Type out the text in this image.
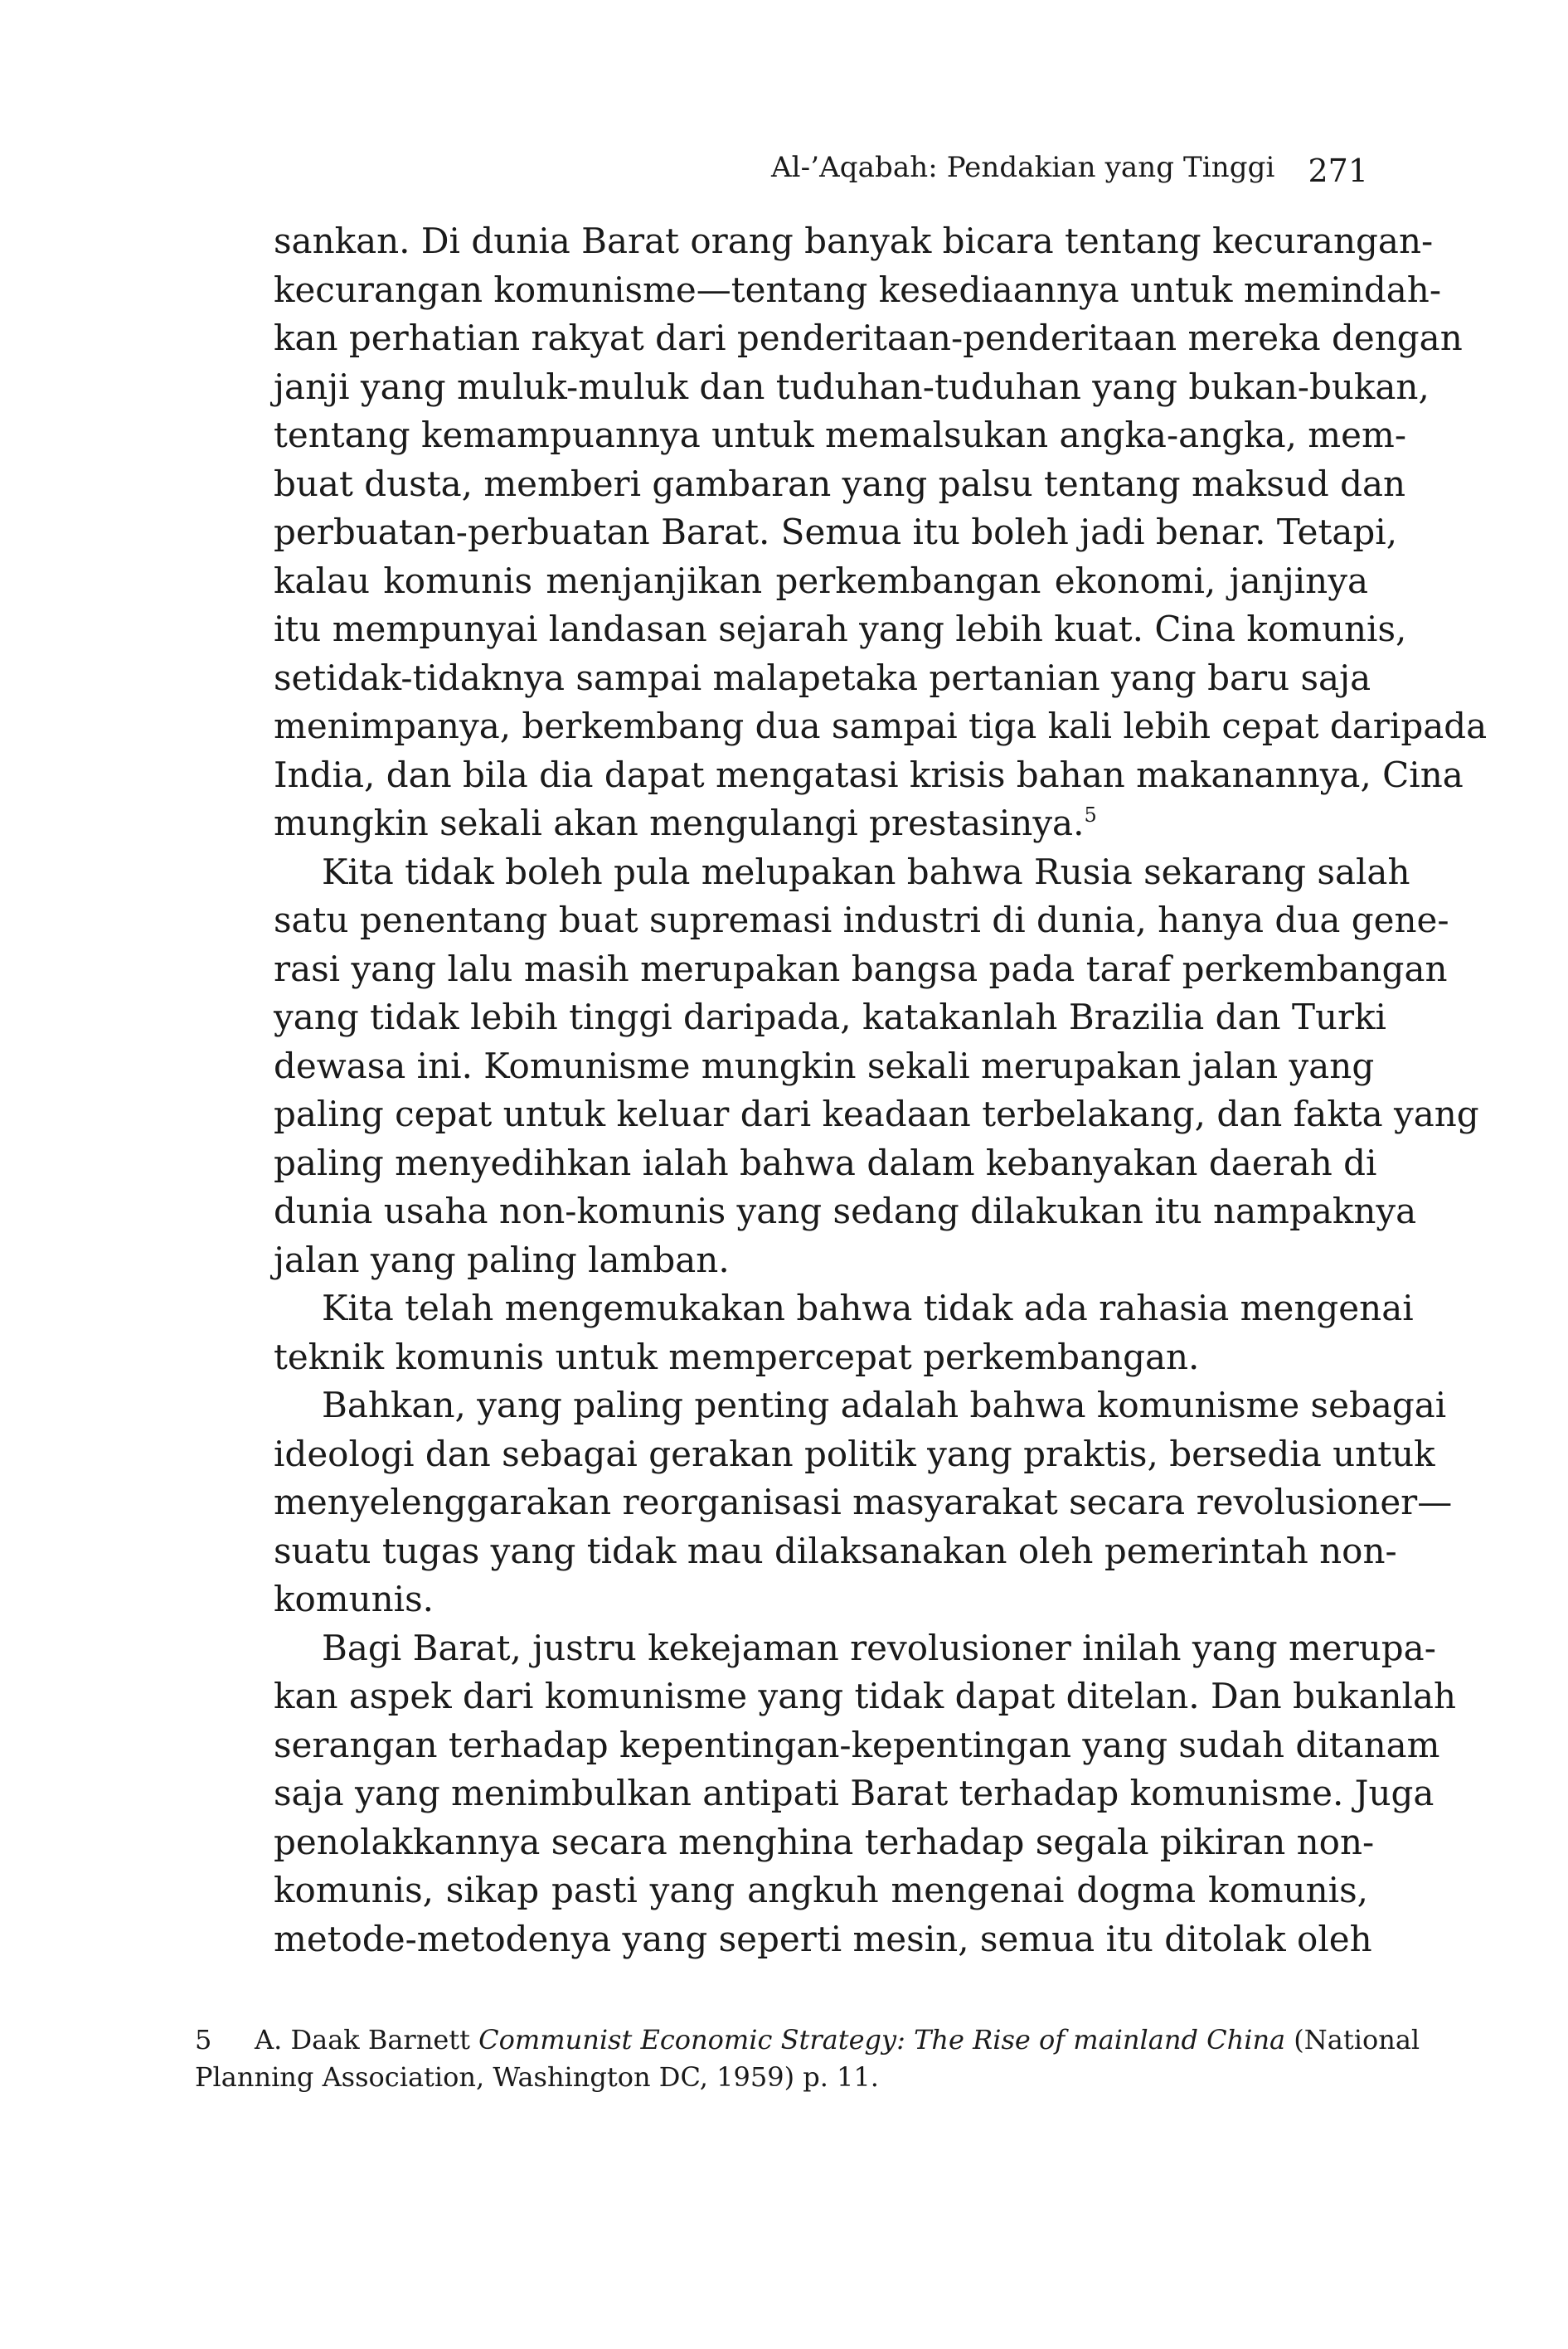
Al-’Aqabah: Pendakian yang Tinggi 271
sankan. Di dunia Barat orang banyak bicara tentang kecurangan-
kecurangan komunisme—tentang kesediaannya untuk memindah-
kan perhatian rakyat dari penderitaan-penderitaan mereka dengan
janji yang muluk-muluk dan tuduhan-tuduhan yang bukan-bukan,
tentang kemampuannya untuk memalsukan angka-angka, mem-
buat dusta, memberi gambaran yang palsu tentang maksud dan
perbuatan-perbuatan Barat. Semua itu boleh jadi benar. Tetapi,
kalau komunis menjanjikan perkembangan ekonomi, janjinya
itu mempunyai landasan sejarah yang lebih kuat. Cina komunis,
setidak-tidaknya sampai malapetaka pertanian yang baru saja
menimpanya, berkembang dua sampai tiga kali lebih cepat daripada
India, dan bila dia dapat mengatasi krisis bahan makanannya, Cina
mungkin sekali akan mengulangi prestasinya.$^5$
Kita tidak boleh pula melupakan bahwa Rusia sekarang salah
satu penentang buat supremasi industri di dunia, hanya dua gene-
rasi yang lalu masih merupakan bangsa pada taraf perkembangan
yang tidak lebih tinggi daripada, katakanlah Brazilia dan Turki
dewasa ini. Komunisme mungkin sekali merupakan jalan yang
paling cepat untuk keluar dari keadaan terbelakang, dan fakta yang
paling menyedihkan ialah bahwa dalam kebanyakan daerah di
dunia usaha non-komunis yang sedang dilakukan itu nampaknya
jalan yang paling lamban.
Kita telah mengemukakan bahwa tidak ada rahasia mengenai
teknik komunis untuk mempercepat perkembangan.
Bahkan, yang paling penting adalah bahwa komunisme sebagai
ideologi dan sebagai gerakan politik yang praktis, bersedia untuk
menyelenggarakan reorganisasi masyarakat secara revolusioner—
suatu tugas yang tidak mau dilaksanakan oleh pemerintah non-
komunis.
Bagi Barat, justru kekejaman revolusioner inilah yang merupa-
kan aspek dari komunisme yang tidak dapat ditelan. Dan bukanlah
serangan terhadap kepentingan-kepentingan yang sudah ditanam
saja yang menimbulkan antipati Barat terhadap komunisme. Juga
penolakkannya secara menghina terhadap segala pikiran non-
komunis, sikap pasti yang angkuh mengenai dogma komunis,
metode-metodenya yang seperti mesin, semua itu ditolak oleh
5 A. Daak Barnett Communist Economic Strategy: The Rise of mainland China (National
Planning Association, Washington DC, 1959) p. 11.
